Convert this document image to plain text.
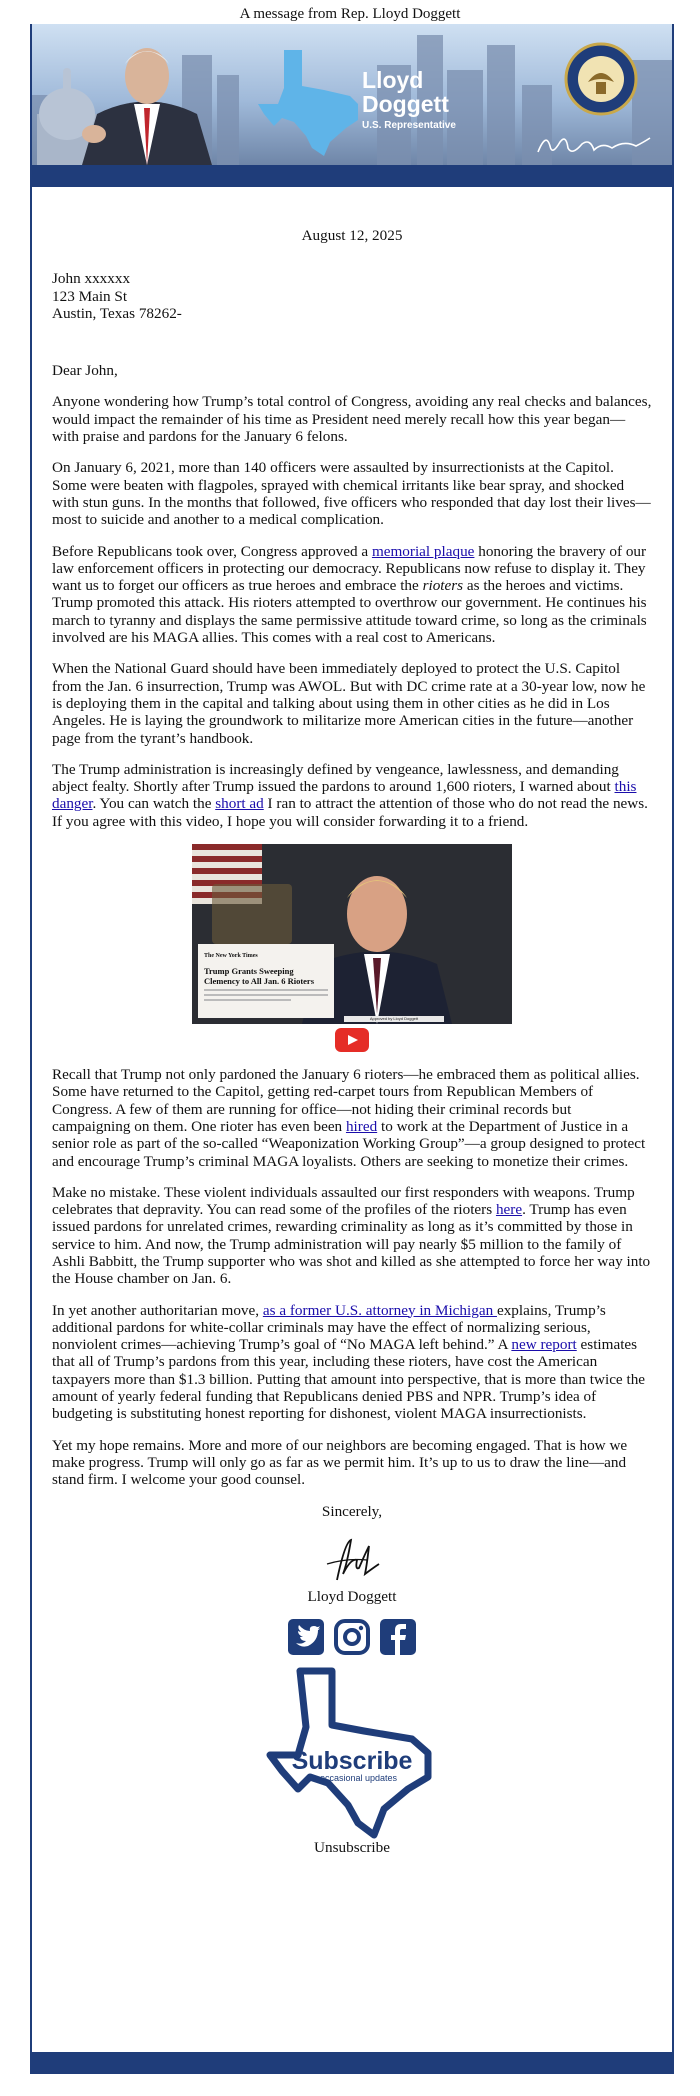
A message from Rep. Lloyd Doggett
Lloyd
Doggett
U.S. Representative

August 12, 2025

John xxxxxx

123 Main St

Austin, Texas 78262-

Dear John,

Anyone wondering how Trump’s total control of Congress, avoiding any real checks and balances, would impact the remainder of his time as President need merely recall how this year began—with praise and pardons for the January 6 felons.

On January 6, 2021, more than 140 officers were assaulted by insurrectionists at the Capitol. Some were beaten with flagpoles, sprayed with chemical irritants like bear spray, and shocked with stun guns. In the months that followed, five officers who responded that day lost their lives—most to suicide and another to a medical complication.

Before Republicans took over, Congress approved a memorial plaque honoring the bravery of our law enforcement officers in protecting our democracy. Republicans now refuse to display it. They want us to forget our officers as true heroes and embrace the rioters as the heroes and victims. Trump promoted this attack. His rioters attempted to overthrow our government. He continues his march to tyranny and displays the same permissive attitude toward crime, so long as the criminals involved are his MAGA allies. This comes with a real cost to Americans.

When the National Guard should have been immediately deployed to protect the U.S. Capitol from the Jan. 6 insurrection, Trump was AWOL. But with DC crime rate at a 30-year low, now he is deploying them in the capital and talking about using them in other cities as he did in Los Angeles. He is laying the groundwork to militarize more American cities in the future—another page from the tyrant’s handbook.

The Trump administration is increasingly defined by vengeance, lawlessness, and demanding abject fealty. Shortly after Trump issued the pardons to around 1,600 rioters, I warned about this danger. You can watch the short ad I ran to attract the attention of those who do not read the news. If you agree with this video, I hope you will consider forwarding it to a friend.

The New York Times
Trump Grants Sweeping Clemency to All Jan. 6 Rioters
Approved by Lloyd Doggett

Recall that Trump not only pardoned the January 6 rioters—he embraced them as political allies. Some have returned to the Capitol, getting red-carpet tours from Republican Members of Congress. A few of them are running for office—not hiding their criminal records but campaigning on them. One rioter has even been hired to work at the Department of Justice in a senior role as part of the so-called “Weaponization Working Group”—a group designed to protect and encourage Trump’s criminal MAGA loyalists. Others are seeking to monetize their crimes.

Make no mistake. These violent individuals assaulted our first responders with weapons. Trump celebrates that depravity. You can read some of the profiles of the rioters here. Trump has even issued pardons for unrelated crimes, rewarding criminality as long as it’s committed by those in service to him. And now, the Trump administration will pay nearly $5 million to the family of Ashli Babbitt, the Trump supporter who was shot and killed as she attempted to force her way into the House chamber on Jan. 6.

In yet another authoritarian move, as a former U.S. attorney in Michigan explains, Trump’s additional pardons for white-collar criminals may have the effect of normalizing serious, nonviolent crimes—achieving Trump’s goal of “No MAGA left behind.” A new report estimates that all of Trump’s pardons from this year, including these rioters, have cost the American taxpayers more than $1.3 billion. Putting that amount into perspective, that is more than twice the amount of yearly federal funding that Republicans denied PBS and NPR. Trump’s idea of budgeting is substituting honest reporting for dishonest, violent MAGA insurrectionists.

Yet my hope remains. More and more of our neighbors are becoming engaged. That is how we make progress. Trump will only go as far as we permit him. It’s up to us to draw the line—and stand firm. I welcome your good counsel.

Sincerely,

Lloyd Doggett

Subscribe
for occasional updates

Unsubscribe
